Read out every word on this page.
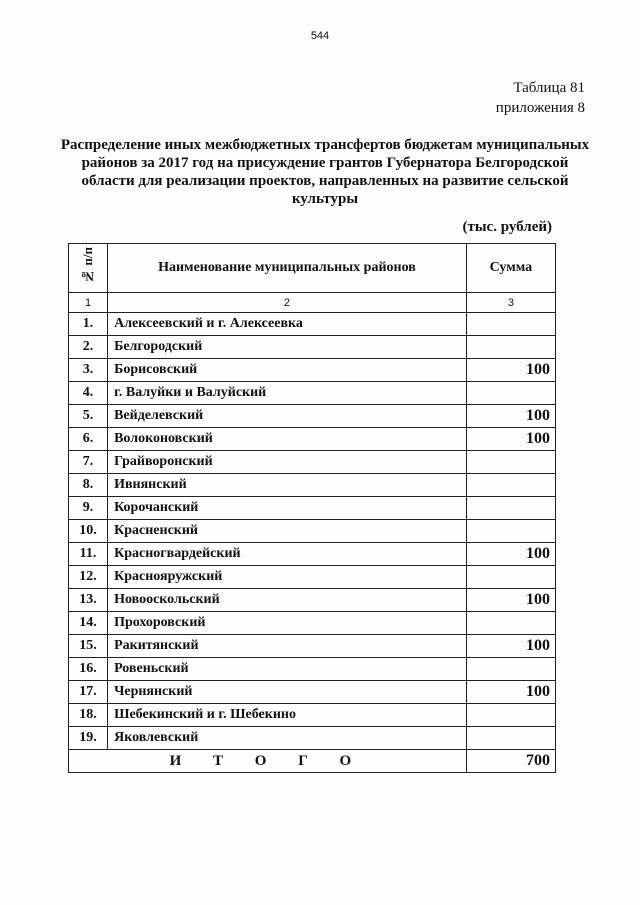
544
Таблица 81
приложения 8
Распределение иных межбюджетных трансфертов бюджетам муниципальных районов за 2017 год на присуждение грантов Губернатора Белгородской области для реализации проектов, направленных на развитие сельской культуры
(тыс. рублей)
№ п/п	Наименование муниципальных районов	Сумма
1	2	3
1.	Алексеевский и г. Алексеевка	
2.	Белгородский	
3.	Борисовский	100
4.	г. Валуйки и Валуйский	
5.	Вейделевский	100
6.	Волоконовский	100
7.	Грайворонский	
8.	Ивнянский	
9.	Корочанский	
10.	Красненский	
11.	Красногвардейский	100
12.	Краснояружский	
13.	Новооскольский	100
14.	Прохоровский	
15.	Ракитянский	100
16.	Ровеньский	
17.	Чернянский	100
18.	Шебекинский и г. Шебекино	
19.	Яковлевский	
И Т О Г О		700
